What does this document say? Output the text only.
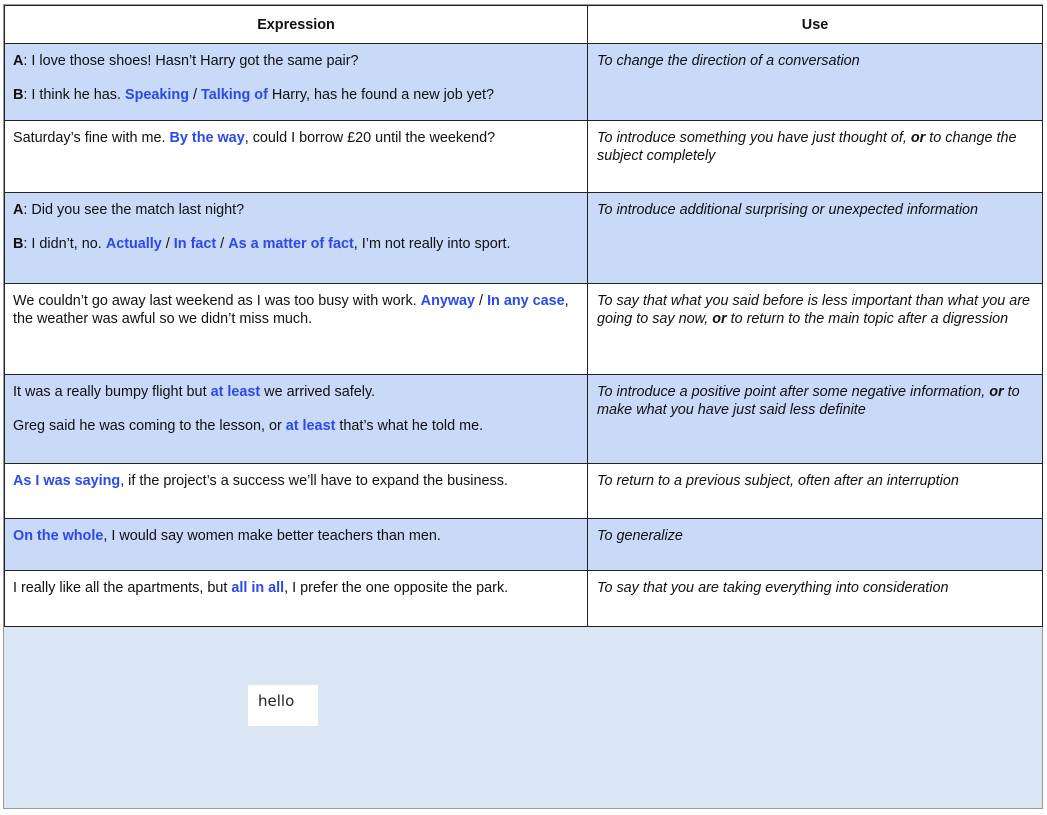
Expression	Use

A: I love those shoes! Hasn’t Harry got the same pair?

B: I think he has. Speaking / Talking of Harry, has he found a new job yet?	To change the direction of a conversation

Saturday’s fine with me. By the way, could I borrow £20 until the weekend?	To introduce something you have just thought of, or to change the subject completely

A: Did you see the match last night?

B: I didn’t, no. Actually / In fact / As a matter of fact, I’m not really into sport.	To introduce additional surprising or unexpected information

We couldn’t go away last weekend as I was too busy with work. Anyway / In any case, the weather was awful so we didn’t miss much.	To say that what you said before is less important than what you are going to say now, or to return to the main topic after a digression

It was a really bumpy flight but at least we arrived safely.

Greg said he was coming to the lesson, or at least that’s what he told me.	To introduce a positive point after some negative information, or to make what you have just said less definite

As I was saying, if the project’s a success we’ll have to expand the business.	To return to a previous subject, often after an interruption

On the whole, I would say women make better teachers than men.	To generalize

I really like all the apartments, but all in all, I prefer the one opposite the park.	To say that you are taking everything into consideration
hello
